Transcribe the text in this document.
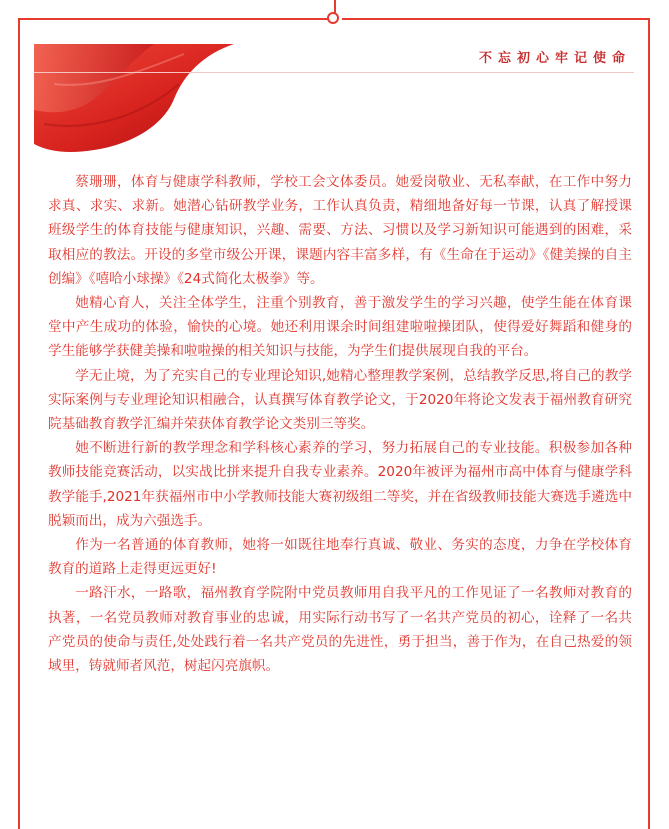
不忘初心牢记使命

蔡珊珊，体育与健康学科教师，学校工会文体委员。她爱岗敬业、无私奉献，在工作中努力求真、求实、求新。她潜心钻研教学业务，工作认真负责，精细地备好每一节课，认真了解授课班级学生的体育技能与健康知识，兴趣、需要、方法、习惯以及学习新知识可能遇到的困难，采取相应的教法。开设的多堂市级公开课，课题内容丰富多样，有《生命在于运动》《健美操的自主创编》《嘻哈小球操》《24式简化太极拳》等。

她精心育人，关注全体学生，注重个别教育，善于激发学生的学习兴趣，使学生能在体育课堂中产生成功的体验，愉快的心境。她还利用课余时间组建啦啦操团队，使得爱好舞蹈和健身的学生能够学获健美操和啦啦操的相关知识与技能，为学生们提供展现自我的平台。

学无止境，为了充实自己的专业理论知识,她精心整理教学案例，总结教学反思,将自己的教学实际案例与专业理论知识相融合，认真撰写体育教学论文，于2020年将论文发表于福州教育研究院基础教育教学汇编并荣获体育教学论文类别三等奖。

她不断进行新的教学理念和学科核心素养的学习，努力拓展自己的专业技能。积极参加各种教师技能竞赛活动，以实战比拼来提升自我专业素养。2020年被评为福州市高中体育与健康学科教学能手,2021年获福州市中小学教师技能大赛初级组二等奖，并在省级教师技能大赛选手遴选中脱颖而出，成为六强选手。

作为一名普通的体育教师，她将一如既往地奉行真诚、敬业、务实的态度，力争在学校体育教育的道路上走得更远更好!

一路汗水，一路歌，福州教育学院附中党员教师用自我平凡的工作见证了一名教师对教育的执著，一名党员教师对教育事业的忠诚，用实际行动书写了一名共产党员的初心，诠释了一名共产党员的使命与责任,处处践行着一名共产党员的先进性，勇于担当，善于作为，在自己热爱的领域里，铸就师者风范，树起闪亮旗帜。
